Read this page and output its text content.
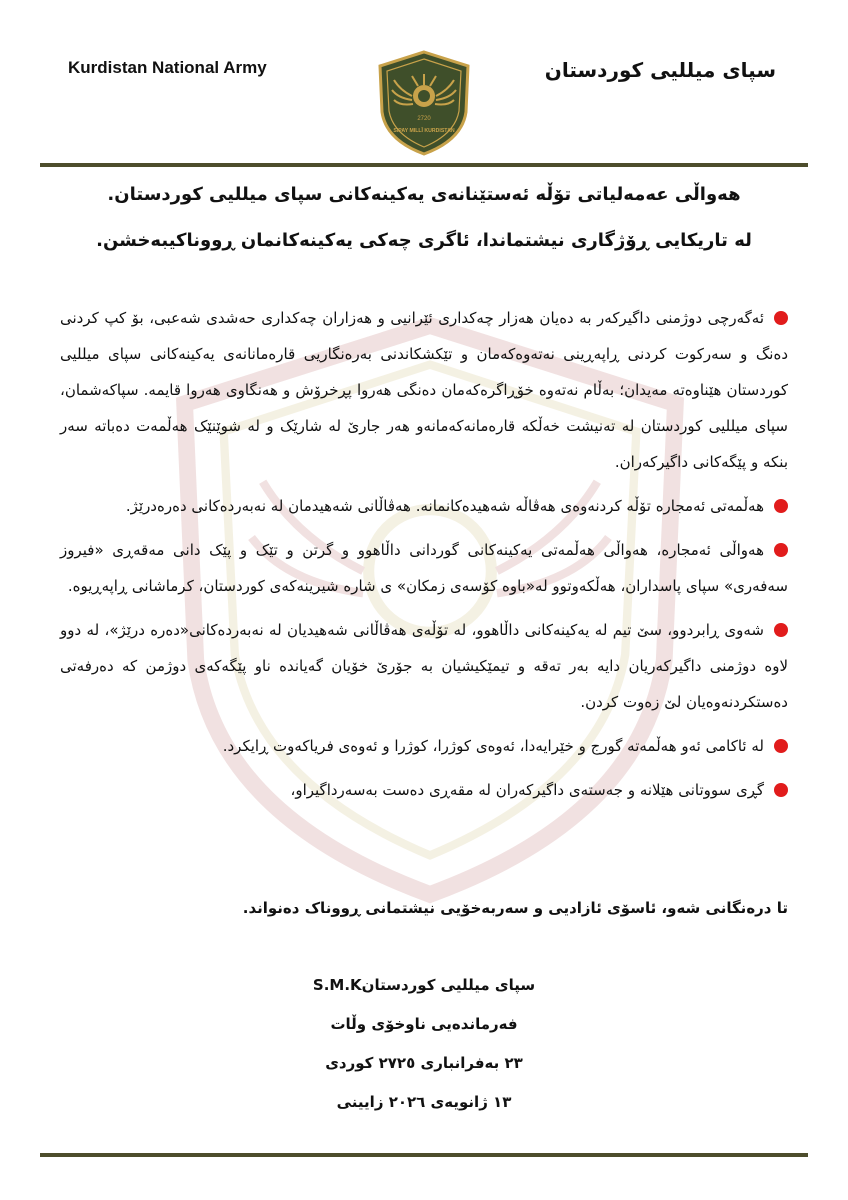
Kurdistan National Army
2720
SIPAY MILLÎ KURDISTAN
سپای میللیی کوردستان
هەواڵی عەمەلیاتی تۆڵە ئەستێنانەی یەکینەکانی سپای میللیی کوردستان.
لە تاریکایی ڕۆژگاری نیشتماندا، ئاگری چەکی یەکینەکانمان ڕووناکیبەخشن.

ئەگەرچی دوژمنی داگیرکەر بە دەیان هەزار چەکداری ئێرانیی و هەزاران چەکداری حەشدی شەعبی، بۆ کپ کردنی دەنگ و سەرکوت کردنی ڕاپەڕینی نەتەوەکەمان و تێکشکاندنی بەرەنگاریی قارەمانانەی یەکینەکانی سپای میللیی کوردستان هێناوەتە مەیدان؛ بەڵام نەتەوە خۆڕاگرەکەمان دەنگی هەروا پڕخرۆش و هەنگاوی هەروا قایمە. سپاکەشمان، سپای میللیی کوردستان لە تەنیشت خەڵکە قارەمانەکەمانەو هەر جارێ لە شارێک و لە شوێنێک هەڵمەت دەباتە سەر بنکە و پێگەکانی داگیرکەران.

هەڵمەتی ئەمجارە تۆڵە کردنەوەی هەڤاڵە شەهیدەکانمانە. هەڤاڵانی شەهیدمان لە نەبەردەکانی دەرەدرێژ.

هەواڵی ئەمجارە، هەواڵی هەڵمەتی یەکینەکانی گوردانی داڵاهوو و گرتن و تێک و پێک دانی مەقەڕی «فیروز سەفەری» سپای پاسداران، هەڵکەوتوو لە«باوە کۆسەی زمکان» ی شارە شیرینەکەی کوردستان، کرماشانی ڕاپەڕیوە.

شەوی ڕابردوو، سێ تیم لە یەکینەکانی داڵاهوو، لە تۆڵەی هەڤاڵانی شەهیدیان لە نەبەردەکانی«دەرە درێژ»، لە دوو لاوە دوژمنی داگیرکەریان دایە بەر تەقە و تیمێکیشیان بە جۆرێ خۆیان گەیاندە ناو پێگەکەی دوژمن کە دەرفەتی دەستکردنەوەیان لێ زەوت کردن.

لە ئاکامی ئەو هەڵمەتە گورج و خێرایەدا، ئەوەی کوژرا، کوژرا و ئەوەی فریاکەوت ڕایکرد.

گڕی سووتانی هێلانە و جەستەی داگیرکەران لە مقەڕی دەست بەسەرداگیراو،

تا درەنگانی شەو، ئاسۆی ئازادیی و سەربەخۆیی نیشتمانی ڕووناک دەنواند.
سپای میللیی کوردستانS.M.K
فەرماندەیی ناوخۆی وڵات
٢٣ بەفرانباری ٢٧٢٥ کوردی
١٣ ژانویەی ٢٠٢٦ زایینی
